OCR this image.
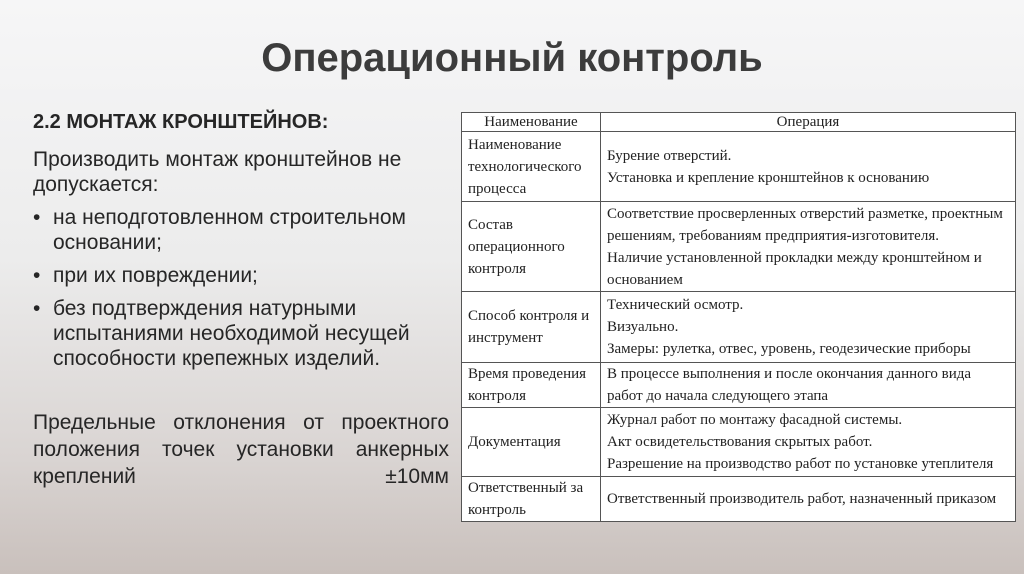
Операционный контроль
2.2 МОНТАЖ КРОНШТЕЙНОВ:
Производить монтаж кронштейнов не допускается:
• на неподготовленном строительном основании;
• при их повреждении;
• без подтверждения натурными испытаниями необходимой несущей способности крепежных изделий.
Предельные отклонения от проектного положения точек установки анкерных креплений ±10мм
Наименование	Операция
Наименование технологического процесса	Бурение отверстий.
Установка и крепление кронштейнов к основанию

Состав операционного контроля	Соответствие просверленных отверстий разметке, проектным решениям, требованиям предприятия-изготовителя.
Наличие установленной прокладки между кронштейном и основанием

Способ контроля и инструмент	Технический осмотр.
Визуально.
Замеры: рулетка, отвес, уровень, геодезические приборы

Время проведения контроля	В процессе выполнения и после окончания данного вида работ до начала следующего этапа

Документация	Журнал работ по монтажу фасадной системы.
Акт освидетельствования скрытых работ.
Разрешение на производство работ по установке утеплителя

Ответственный за контроль	Ответственный производитель работ, назначенный приказом
